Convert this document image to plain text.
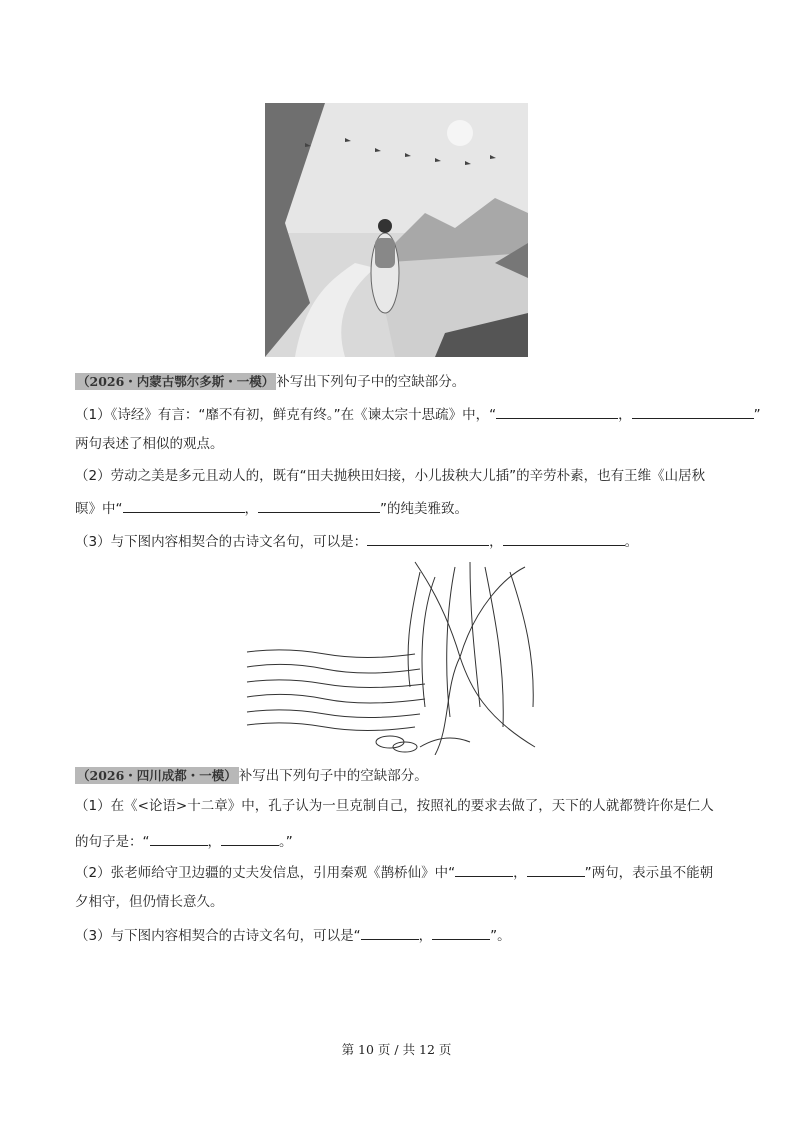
（2026・内蒙古鄂尔多斯・一模） 补写出下列句子中的空缺部分。
（1）《诗经》有言：“靡不有初，鲜克有终。”在《谏太宗十思疏》中，“	，	”
两句表述了相似的观点。
（2）劳动之美是多元且动人的，既有“田夫抛秧田妇接，小儿拔秧大儿插”的辛劳朴素，也有王维《山居秋
暝》中“	，	”的纯美雅致。
（3）与下图内容相契合的古诗文名句，可以是：	，	。
（2026・四川成都・一模） 补写出下列句子中的空缺部分。
（1）在《<论语>十二章》中，孔子认为一旦克制自己，按照礼的要求去做了，天下的人就都赞许你是仁人
的句子是：“	，	。”
（2）张老师给守卫边疆的丈夫发信息，引用秦观《鹊桥仙》中“	，	”两句，表示虽不能朝
夕相守，但仍情长意久。
（3）与下图内容相契合的古诗文名句，可以是“	，	”。
第 10 页 / 共 12 页
